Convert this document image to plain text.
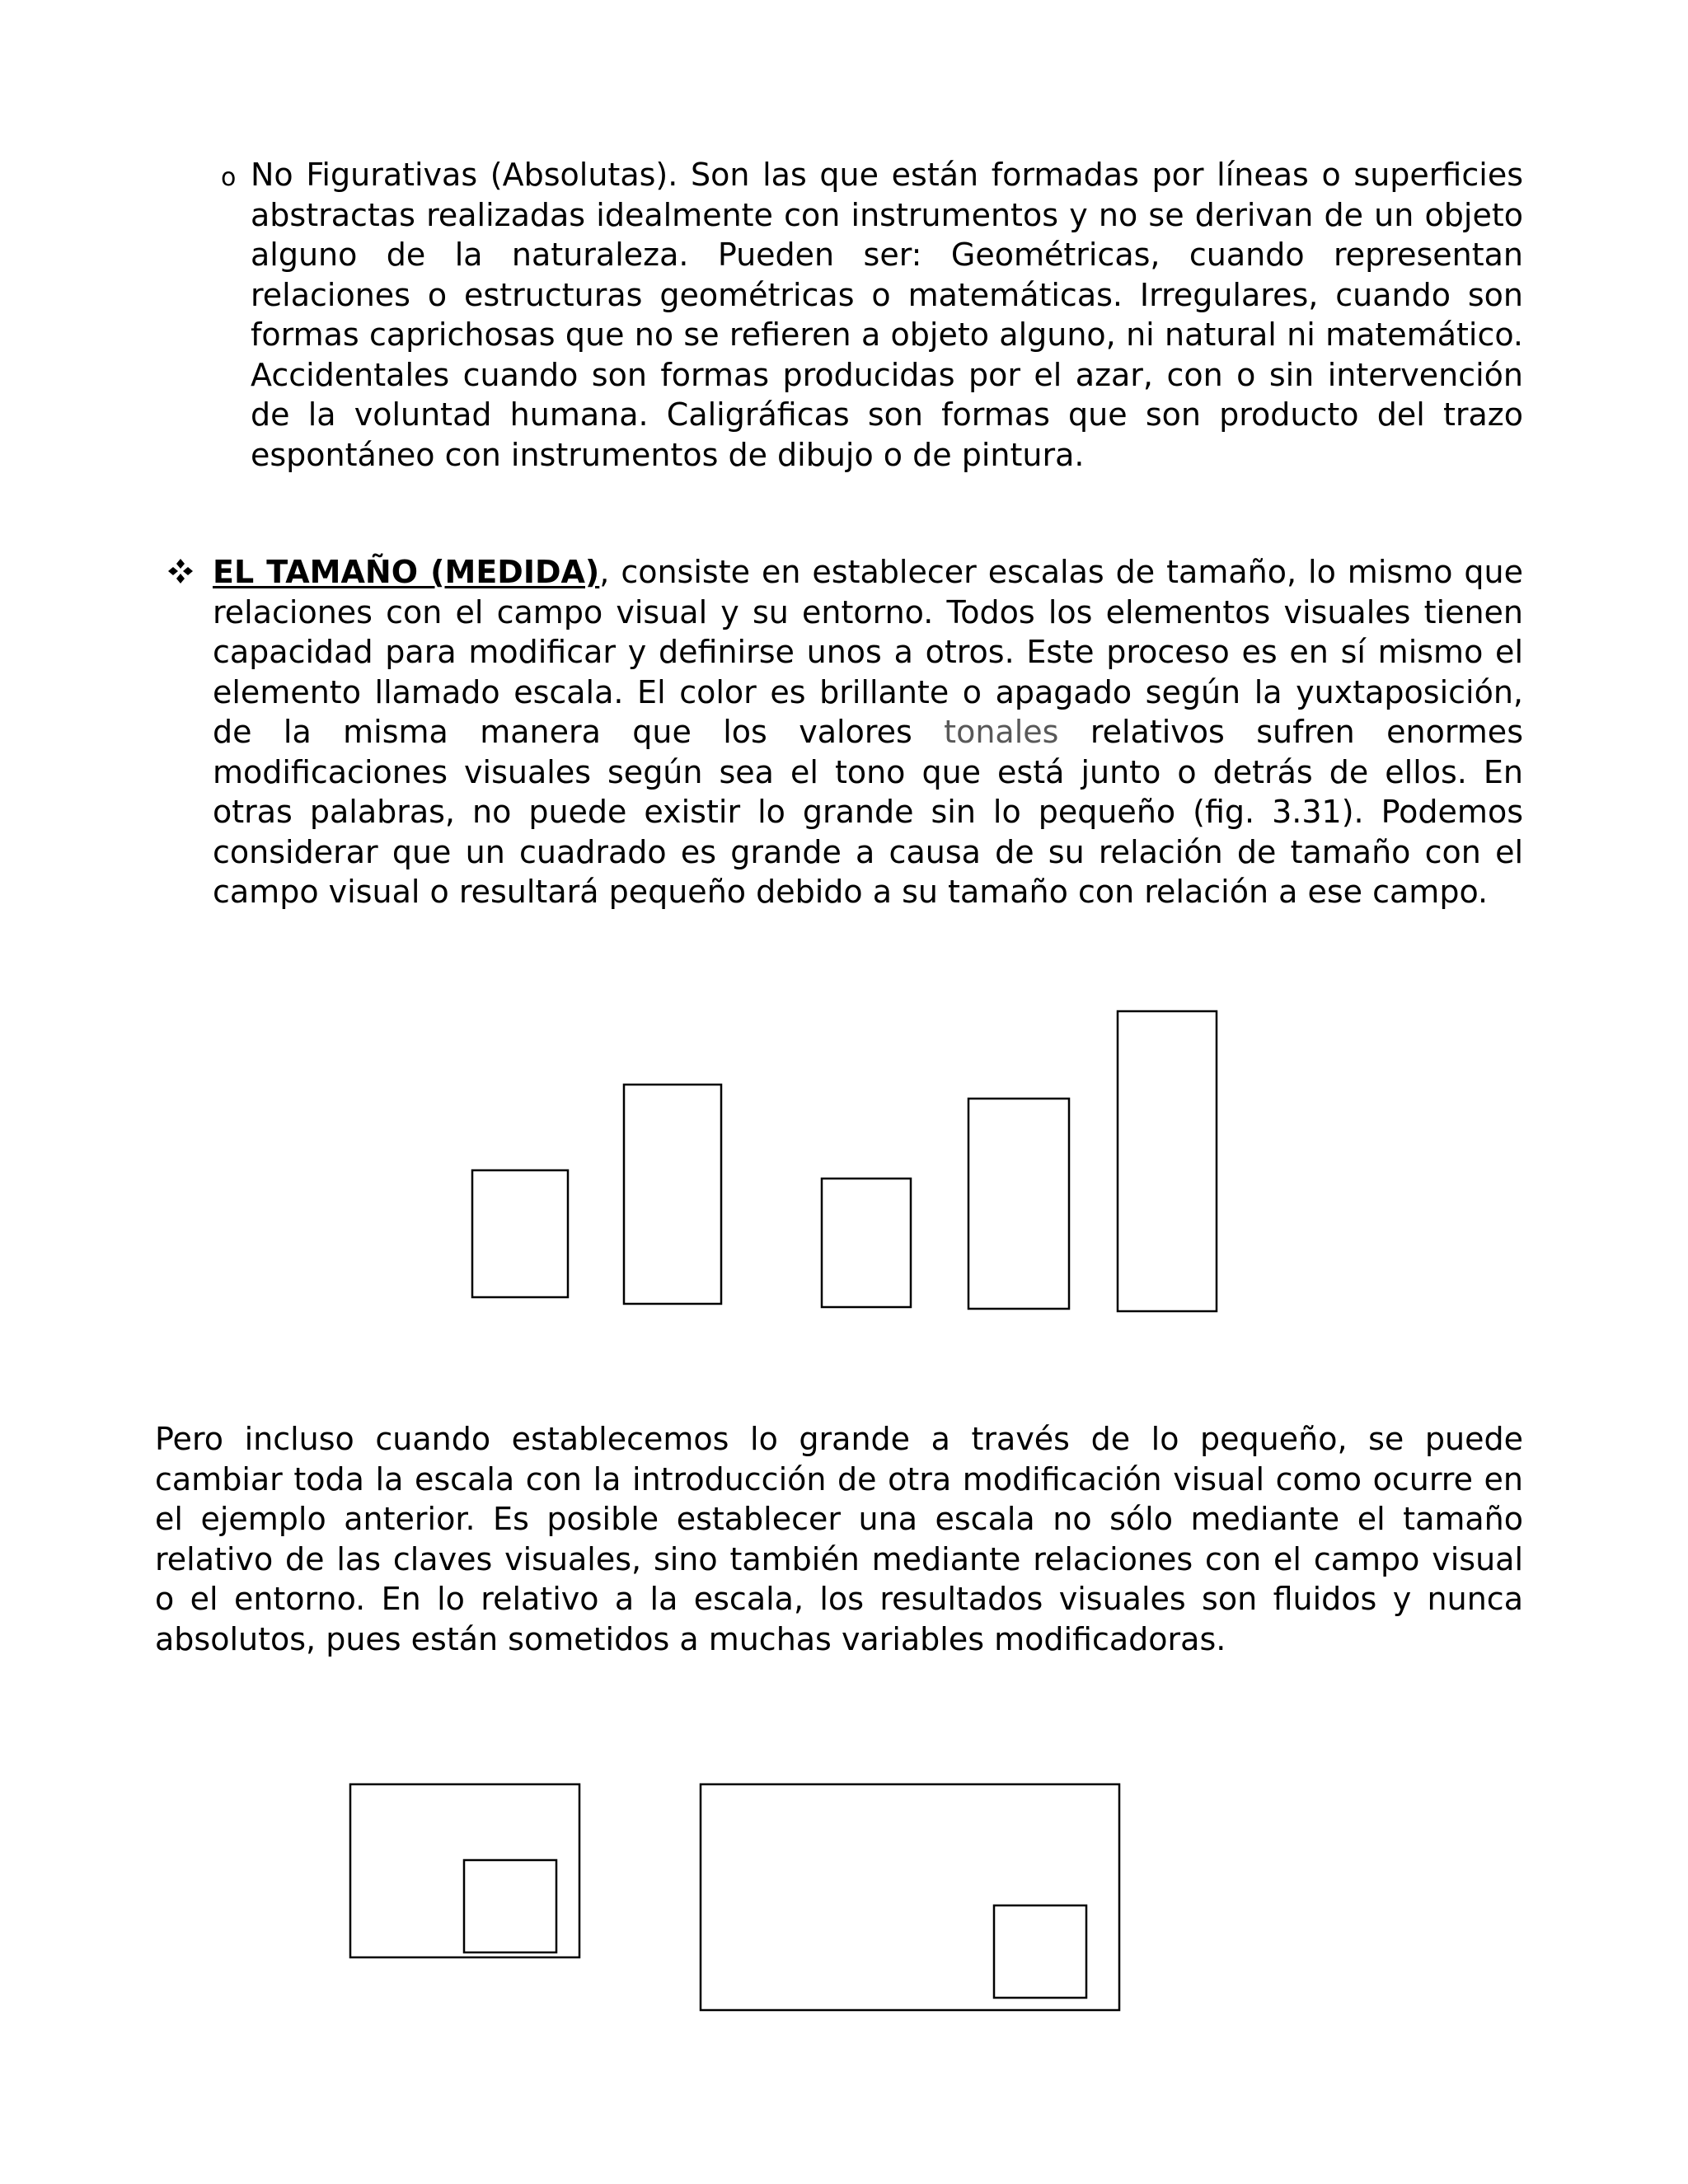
o No Figurativas (Absolutas). Son las que están formadas por líneas o superficies abstractas realizadas idealmente con instrumentos y no se derivan de un objeto alguno de la naturaleza. Pueden ser: Geométricas, cuando representan relaciones o estructuras geométricas o matemáticas. Irregulares, cuando son formas caprichosas que no se refieren a objeto alguno, ni natural ni matemático. Accidentales cuando son formas producidas por el azar, con o sin intervención de la voluntad humana. Caligráficas son formas que son producto del trazo espontáneo con instrumentos de dibujo o de pintura.

EL TAMAÑO (MEDIDA), consiste en establecer escalas de tamaño, lo mismo que relaciones con el campo visual y su entorno. Todos los elementos visuales tienen capacidad para modificar y definirse unos a otros. Este proceso es en sí mismo el elemento llamado escala. El color es brillante o apagado según la yuxtaposición, de la misma manera que los valores tonales relativos sufren enormes modificaciones visuales según sea el tono que está junto o detrás de ellos. En otras palabras, no puede existir lo grande sin lo pequeño (fig. 3.31). Podemos considerar que un cuadrado es grande a causa de su relación de tamaño con el campo visual o resultará pequeño debido a su tamaño con relación a ese campo.

Pero incluso cuando establecemos lo grande a través de lo pequeño, se puede cambiar toda la escala con la introducción de otra modificación visual como ocurre en el ejemplo anterior. Es posible establecer una escala no sólo mediante el tamaño relativo de las claves visuales, sino también mediante relaciones con el campo visual o el entorno. En lo relativo a la escala, los resultados visuales son fluidos y nunca absolutos, pues están sometidos a muchas variables modificadoras.
